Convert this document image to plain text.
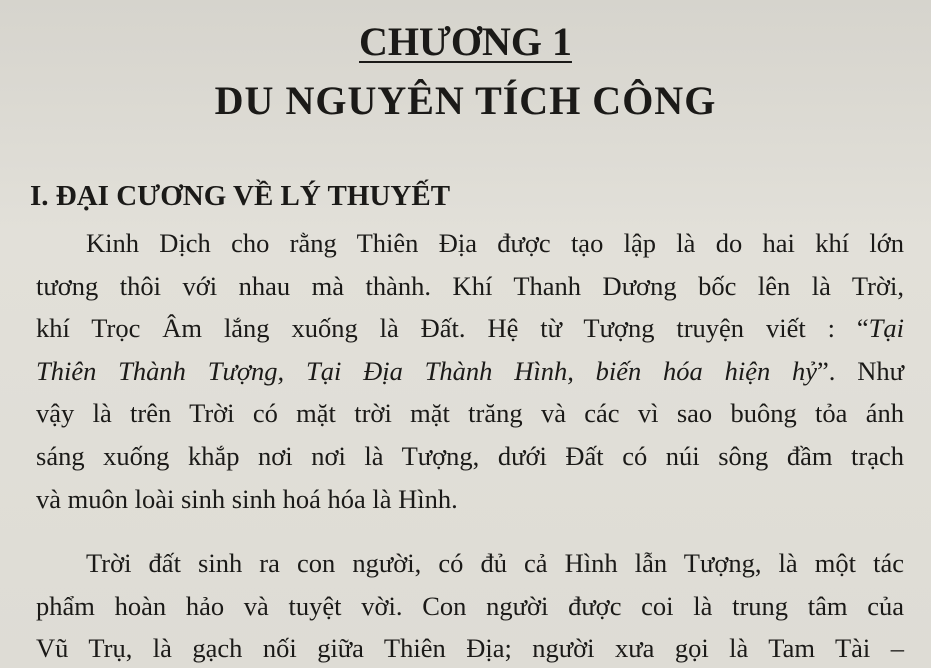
CHƯƠNG 1
DU NGUYÊN TÍCH CÔNG
I. ĐẠI CƯƠNG VỀ LÝ THUYẾT
Kinh Dịch cho rằng Thiên Địa được tạo lập là do hai khí lớn
tương thôi với nhau mà thành. Khí Thanh Dương bốc lên là Trời,
khí Trọc Âm lắng xuống là Đất. Hệ từ Tượng truyện viết : “Tại
Thiên Thành Tượng, Tại Địa Thành Hình, biến hóa hiện hỷ”. Như
vậy là trên Trời có mặt trời mặt trăng và các vì sao buông tỏa ánh
sáng xuống khắp nơi nơi là Tượng, dưới Đất có núi sông đầm trạch
và muôn loài sinh sinh hoá hóa là Hình.
Trời đất sinh ra con người, có đủ cả Hình lẫn Tượng, là một tác
phẩm hoàn hảo và tuyệt vời. Con người được coi là trung tâm của
Vũ Trụ, là gạch nối giữa Thiên Địa; người xưa gọi là Tam Tài –
